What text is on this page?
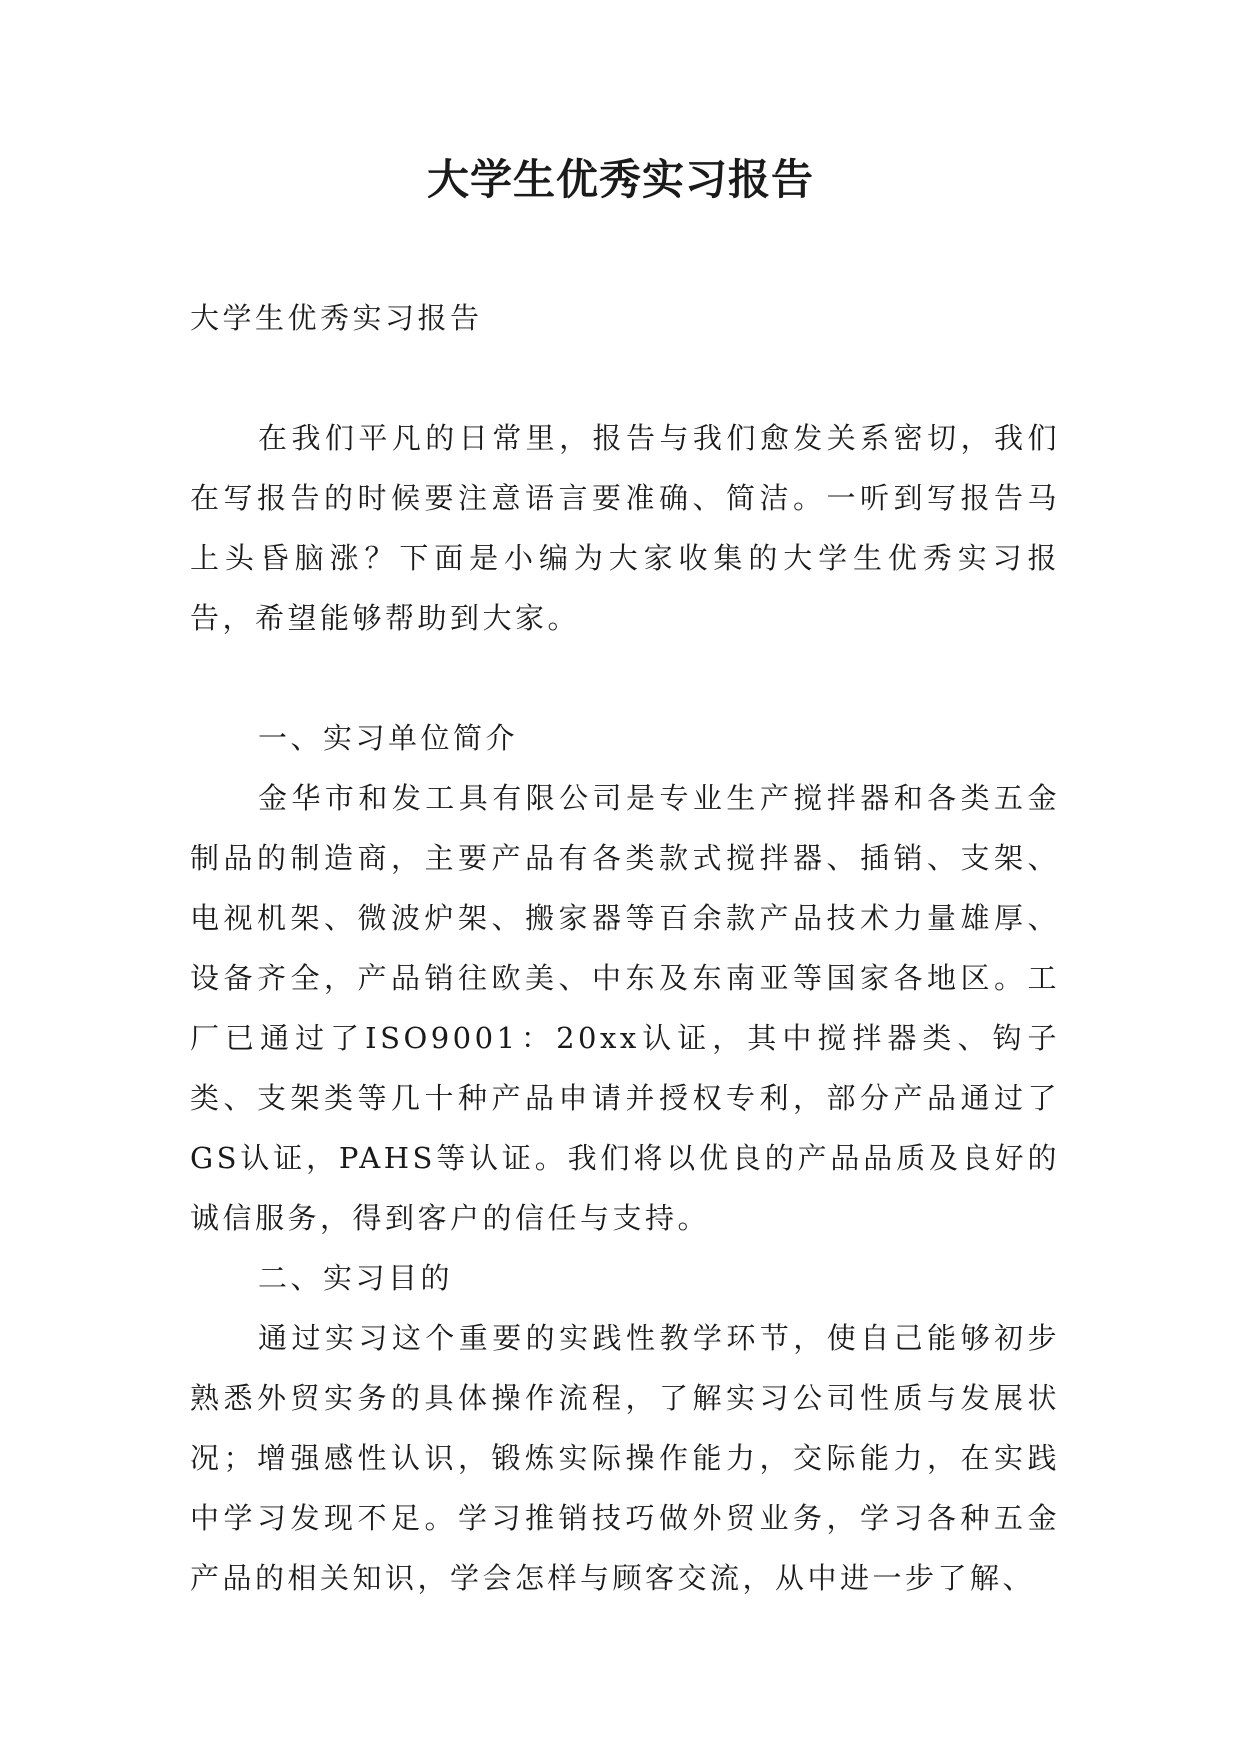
大学生优秀实习报告

大学生优秀实习报告

在我们平凡的日常里，报告与我们愈发关系密切，我们在写报告的时候要注意语言要准确、简洁。一听到写报告马上头昏脑涨？下面是小编为大家收集的大学生优秀实习报告，希望能够帮助到大家。

一、实习单位简介

金华市和发工具有限公司是专业生产搅拌器和各类五金制品的制造商，主要产品有各类款式搅拌器、插销、支架、电视机架、微波炉架、搬家器等百余款产品技术力量雄厚、设备齐全，产品销往欧美、中东及东南亚等国家各地区。工厂已通过了ISO9001：20xx认证，其中搅拌器类、钩子类、支架类等几十种产品申请并授权专利，部分产品通过了GS认证，PAHS等认证。我们将以优良的产品品质及良好的诚信服务，得到客户的信任与支持。

二、实习目的

通过实习这个重要的实践性教学环节，使自己能够初步熟悉外贸实务的具体操作流程，了解实习公司性质与发展状况；增强感性认识，锻炼实际操作能力，交际能力，在实践中学习发现不足。学习推销技巧做外贸业务，学习各种五金产品的相关知识，学会怎样与顾客交流，从中进一步了解、
